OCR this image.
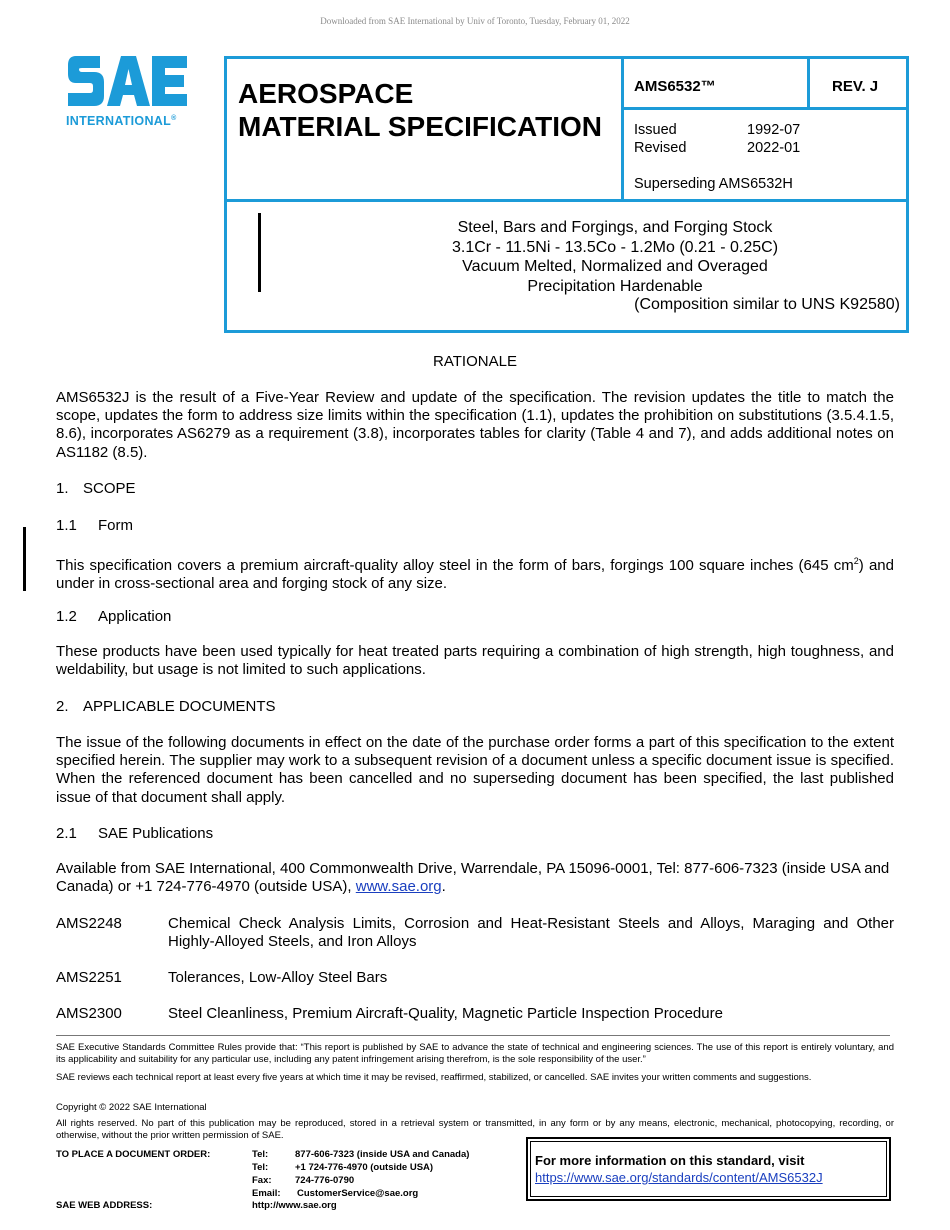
Downloaded from SAE International by Univ of Toronto, Tuesday, February 01, 2022
INTERNATIONAL®
AEROSPACE
MATERIAL SPECIFICATION
AMS6532™	REV. J
Issued	1992-07
Revised	2022-01
Superseding AMS6532H
Steel, Bars and Forgings, and Forging Stock
3.1Cr - 11.5Ni - 13.5Co - 1.2Mo (0.21 - 0.25C)
Vacuum Melted, Normalized and Overaged
Precipitation Hardenable
(Composition similar to UNS K92580)
RATIONALE
AMS6532J is the result of a Five-Year Review and update of the specification. The revision updates the title to match the scope, updates the form to address size limits within the specification (1.1), updates the prohibition on substitutions (3.5.4.1.5, 8.6), incorporates AS6279 as a requirement (3.8), incorporates tables for clarity (Table 4 and 7), and adds additional notes on AS1182 (8.5).
1. SCOPE
1.1 Form
This specification covers a premium aircraft-quality alloy steel in the form of bars, forgings 100 square inches (645 $cm^2$) and under in cross-sectional area and forging stock of any size.
1.2 Application
These products have been used typically for heat treated parts requiring a combination of high strength, high toughness, and weldability, but usage is not limited to such applications.
2. APPLICABLE DOCUMENTS
The issue of the following documents in effect on the date of the purchase order forms a part of this specification to the extent specified herein. The supplier may work to a subsequent revision of a document unless a specific document issue is specified. When the referenced document has been cancelled and no superseding document has been specified, the last published issue of that document shall apply.
2.1 SAE Publications
Available from SAE International, 400 Commonwealth Drive, Warrendale, PA 15096-0001, Tel: 877-606-7323 (inside USA and Canada) or +1 724-776-4970 (outside USA), www.sae.org.
AMS2248	Chemical Check Analysis Limits, Corrosion and Heat-Resistant Steels and Alloys, Maraging and Other Highly-Alloyed Steels, and Iron Alloys
AMS2251	Tolerances, Low-Alloy Steel Bars
AMS2300	Steel Cleanliness, Premium Aircraft-Quality, Magnetic Particle Inspection Procedure
SAE Executive Standards Committee Rules provide that: “This report is published by SAE to advance the state of technical and engineering sciences. The use of this report is entirely voluntary, and its applicability and suitability for any particular use, including any patent infringement arising therefrom, is the sole responsibility of the user.”
SAE reviews each technical report at least every five years at which time it may be revised, reaffirmed, stabilized, or cancelled. SAE invites your written comments and suggestions.
Copyright © 2022 SAE International
All rights reserved. No part of this publication may be reproduced, stored in a retrieval system or transmitted, in any form or by any means, electronic, mechanical, photocopying, recording, or otherwise, without the prior written permission of SAE.
TO PLACE A DOCUMENT ORDER:	Tel:	877-606-7323 (inside USA and Canada)
Tel:	+1 724-776-4970 (outside USA)
Fax: 724-776-0790
Email: CustomerService@sae.org
SAE WEB ADDRESS:	http://www.sae.org
For more information on this standard, visit
https://www.sae.org/standards/content/AMS6532J
